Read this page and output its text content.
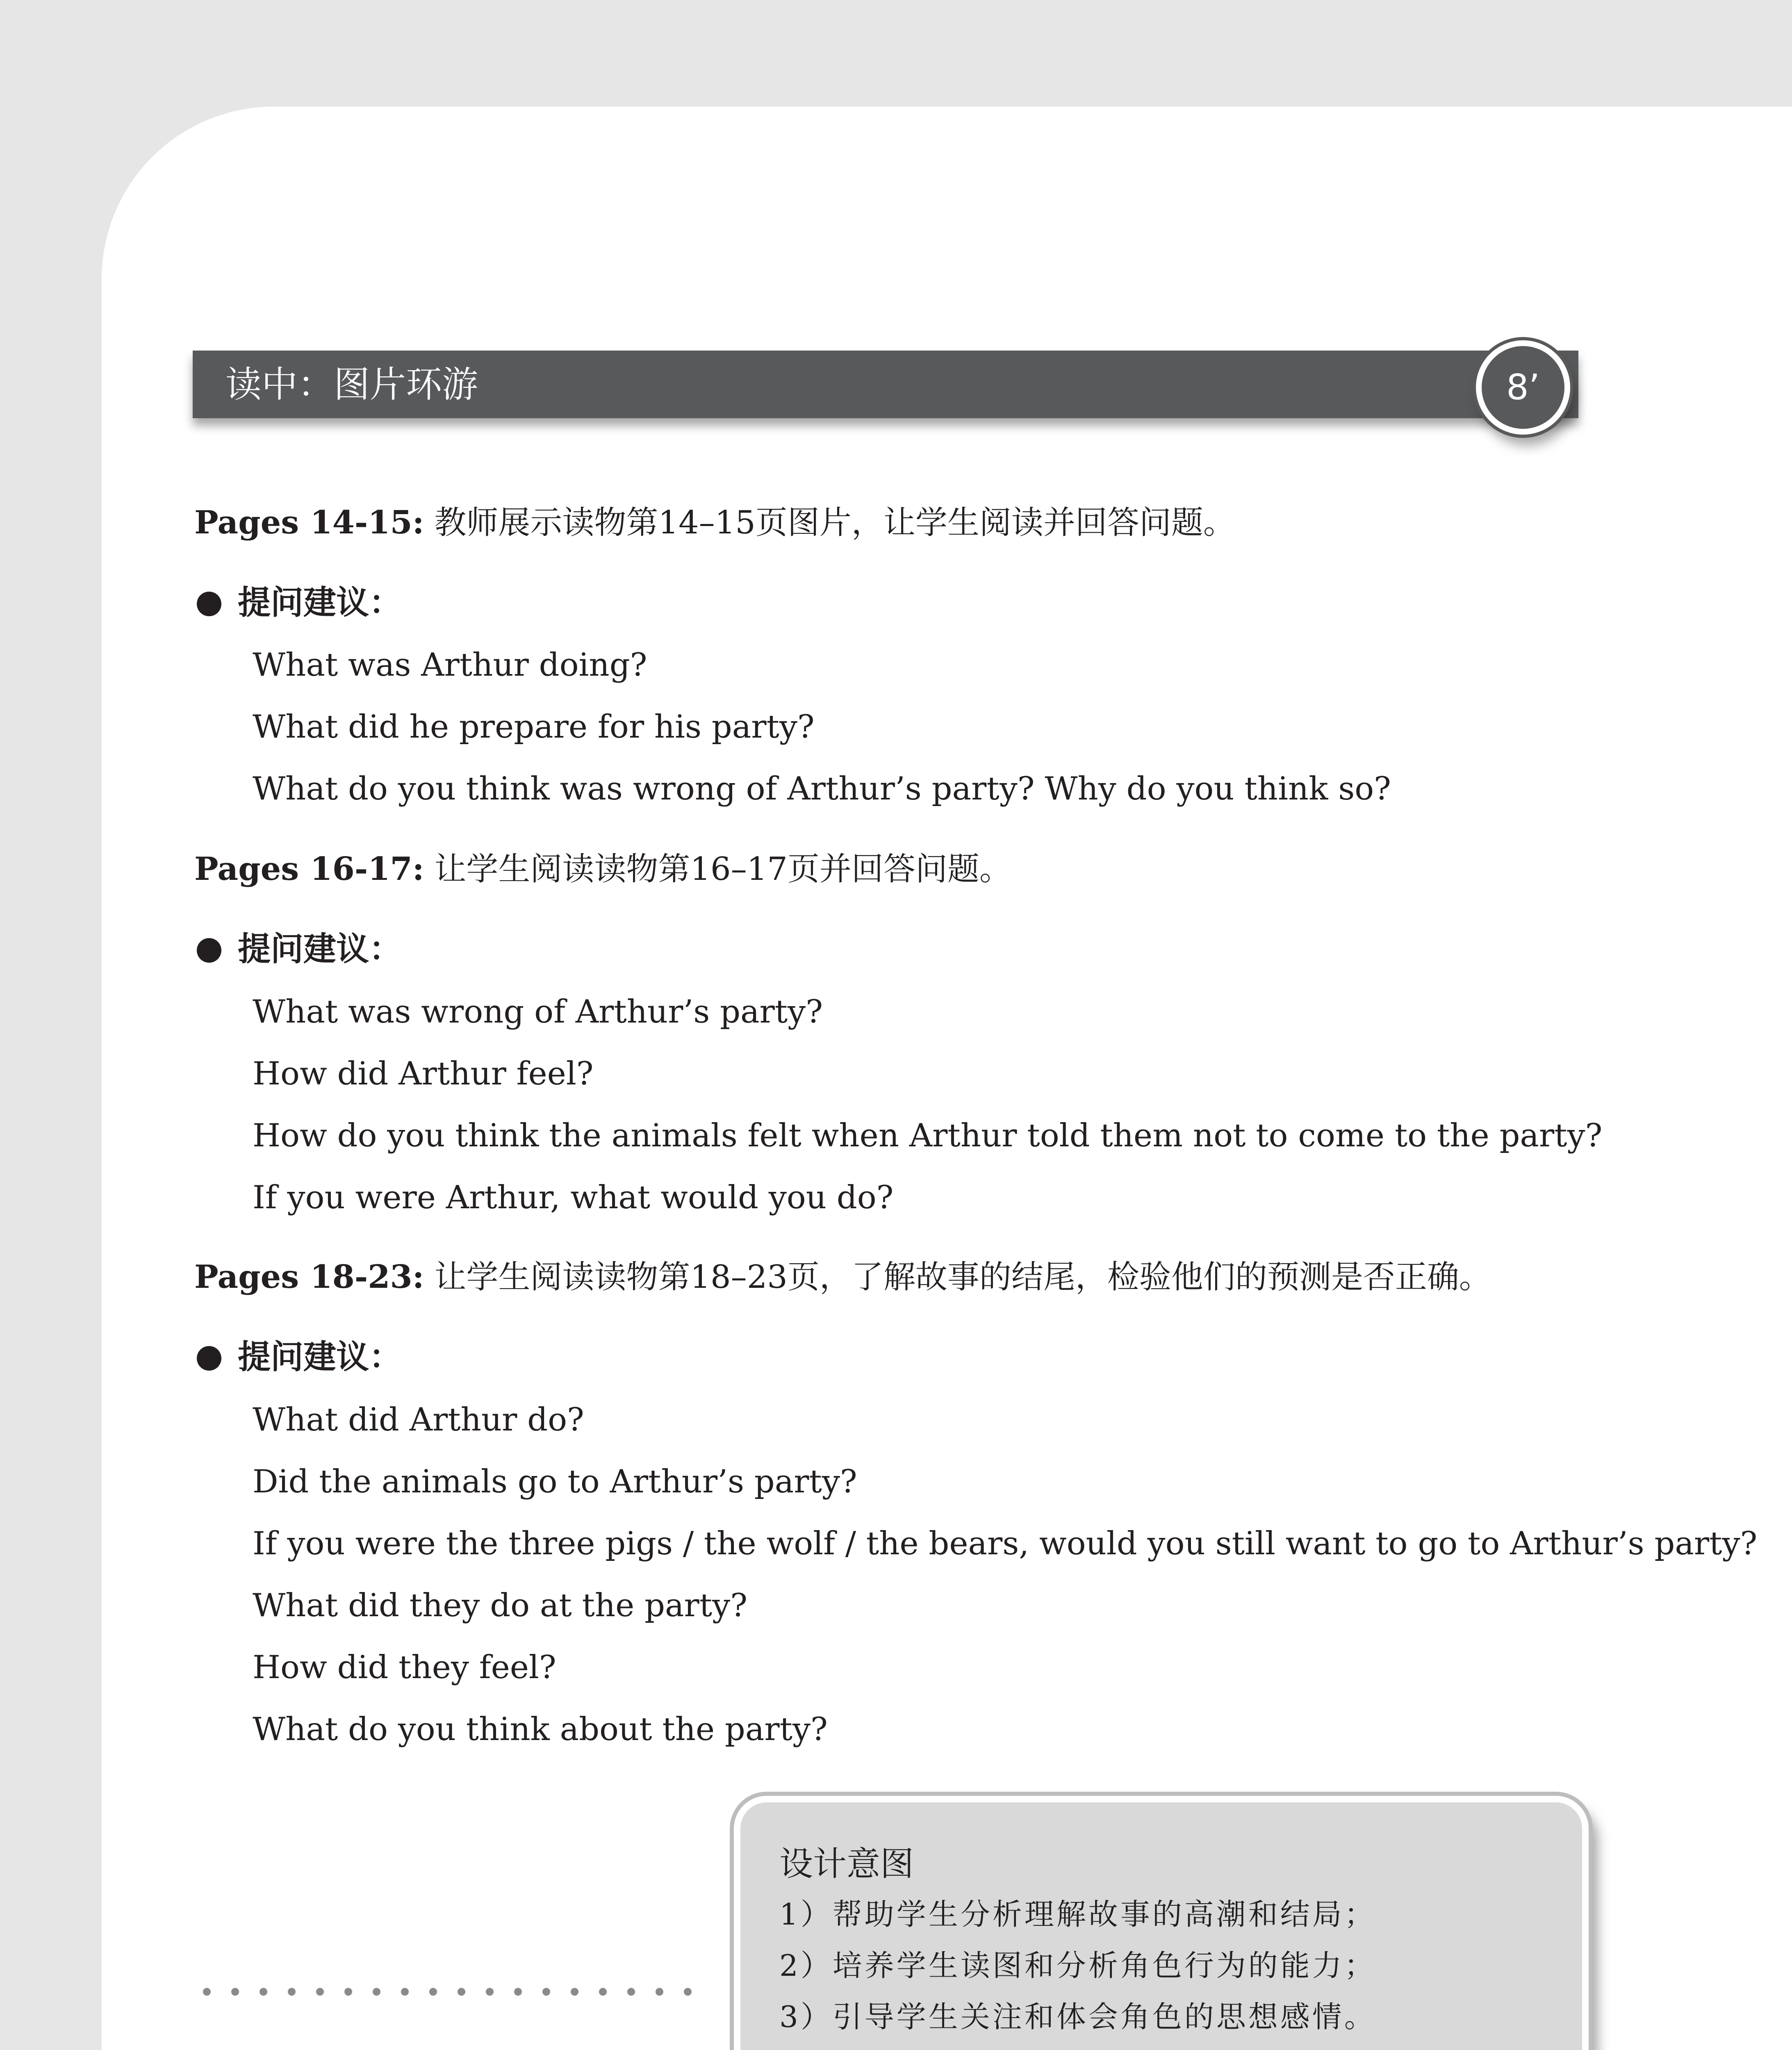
读中：图片环游	8’
Pages 14-15: 教师展示读物第14–15页图片，让学生阅读并回答问题。
提问建议：
What was Arthur doing?
What did he prepare for his party?
What do you think was wrong of Arthur’s party? Why do you think so?
Pages 16-17: 让学生阅读读物第16–17页并回答问题。
提问建议：
What was wrong of Arthur’s party?
How did Arthur feel?
How do you think the animals felt when Arthur told them not to come to the party?
If you were Arthur, what would you do?
Pages 18-23: 让学生阅读读物第18–23页，了解故事的结尾，检验他们的预测是否正确。
提问建议：
What did Arthur do?
Did the animals go to Arthur’s party?
If you were the three pigs / the wolf / the bears, would you still want to go to Arthur’s party?
What did they do at the party?
How did they feel?
What do you think about the party?
设计意图
1）帮助学生分析理解故事的高潮和结局；
2）培养学生读图和分析角色行为的能力；
3）引导学生关注和体会角色的思想感情。
